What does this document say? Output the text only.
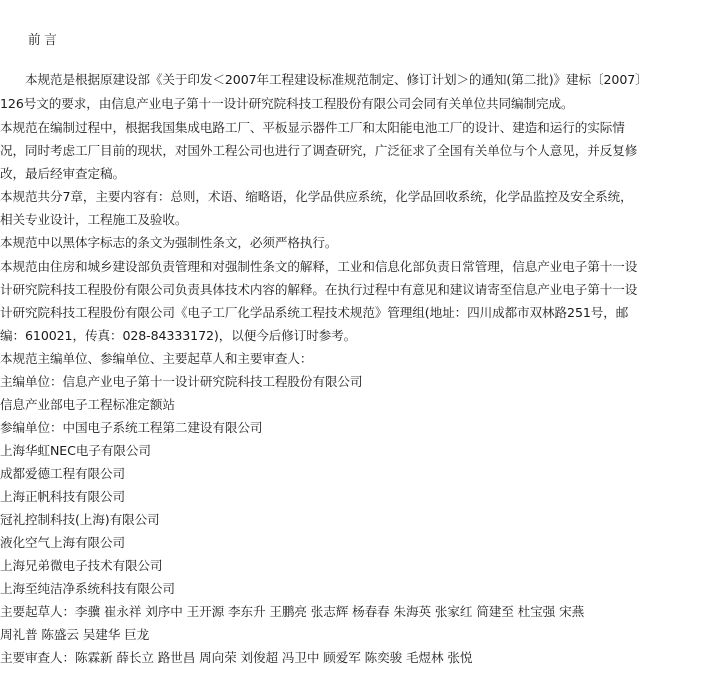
前 言
　　本规范是根据原建设部《关于印发＜2007年工程建设标准规范制定、修订计划＞的通知(第二批)》建标〔2007〕
126号文的要求，由信息产业电子第十一设计研究院科技工程股份有限公司会同有关单位共同编制完成。
本规范在编制过程中，根据我国集成电路工厂、平板显示器件工厂和太阳能电池工厂的设计、建造和运行的实际情
况，同时考虑工厂目前的现状，对国外工程公司也进行了调查研究，广泛征求了全国有关单位与个人意见，并反复修
改，最后经审查定稿。
本规范共分7章，主要内容有：总则，术语、缩略语，化学品供应系统，化学品回收系统，化学品监控及安全系统，
相关专业设计，工程施工及验收。
本规范中以黑体字标志的条文为强制性条文，必须严格执行。
本规范由住房和城乡建设部负责管理和对强制性条文的解释，工业和信息化部负责日常管理，信息产业电子第十一设
计研究院科技工程股份有限公司负责具体技术内容的解释。在执行过程中有意见和建议请寄至信息产业电子第十一设
计研究院科技工程股份有限公司《电子工厂化学品系统工程技术规范》管理组(地址：四川成都市双林路251号，邮
编：610021，传真：028-84333172)，以便今后修订时参考。
本规范主编单位、参编单位、主要起草人和主要审查人：
主编单位：信息产业电子第十一设计研究院科技工程股份有限公司
信息产业部电子工程标准定额站
参编单位：中国电子系统工程第二建设有限公司
上海华虹NEC电子有限公司
成都爱德工程有限公司
上海正帆科技有限公司
冠礼控制科技(上海)有限公司
液化空气上海有限公司
上海兄弟微电子技术有限公司
上海至纯洁净系统科技有限公司
主要起草人：李骥 崔永祥 刘序中 王开源 李东升 王鹏亮 张志辉 杨春春 朱海英 张家红 简建至 杜宝强 宋燕
周礼普 陈盛云 吴建华 巨龙
主要审查人：陈霖新 薛长立 路世昌 周向荣 刘俊超 冯卫中 顾爱军 陈奕骏 毛煜林 张悦
